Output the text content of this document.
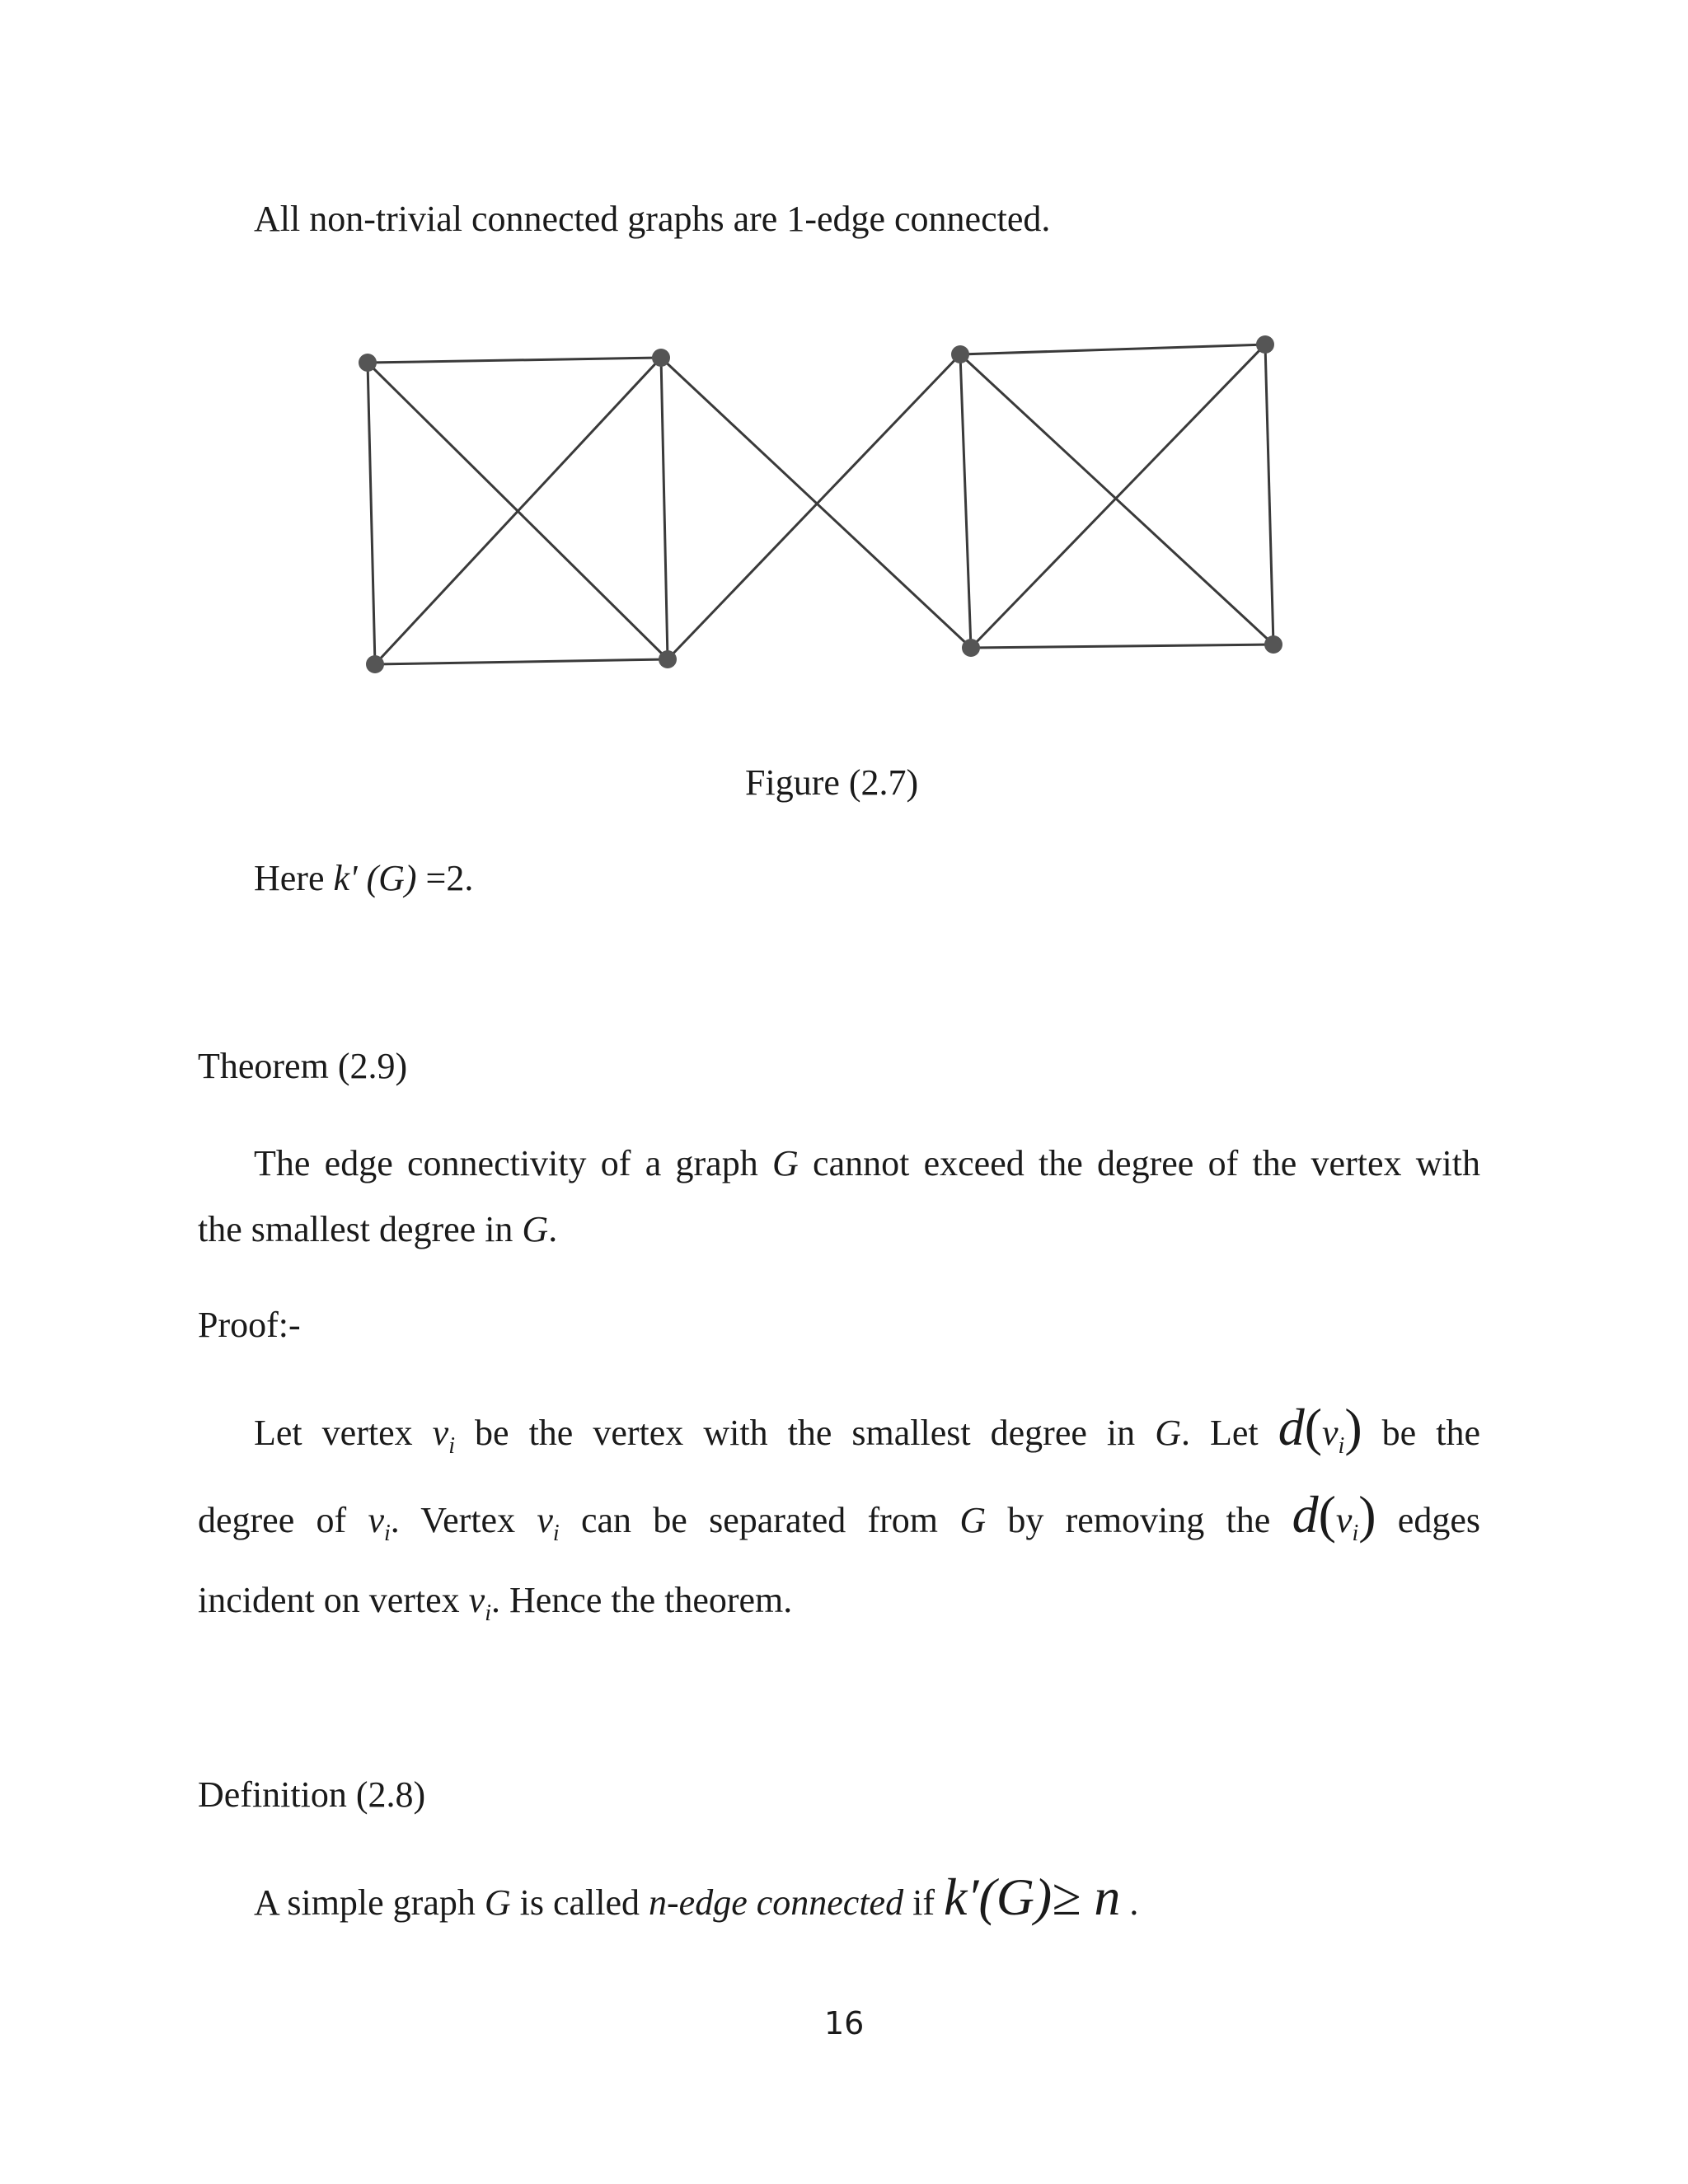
All non-trivial connected graphs are 1-edge connected.
Figure (2.7)
Here k' (G) =2.
Theorem (2.9)
The edge connectivity of a graph G cannot exceed the degree of the vertex with
the smallest degree in G.
Proof:-
Let vertex $v_i$ be the vertex with the smallest degree in G. Let $d(v_i)$ be the
degree of $v_i$. Vertex $v_i$ can be separated from G by removing the $d(v_i)$ edges
incident on vertex $v_i$. Hence the theorem.
Definition (2.8)
A simple graph G is called n-edge connected if k′(G)≥ n .
16
